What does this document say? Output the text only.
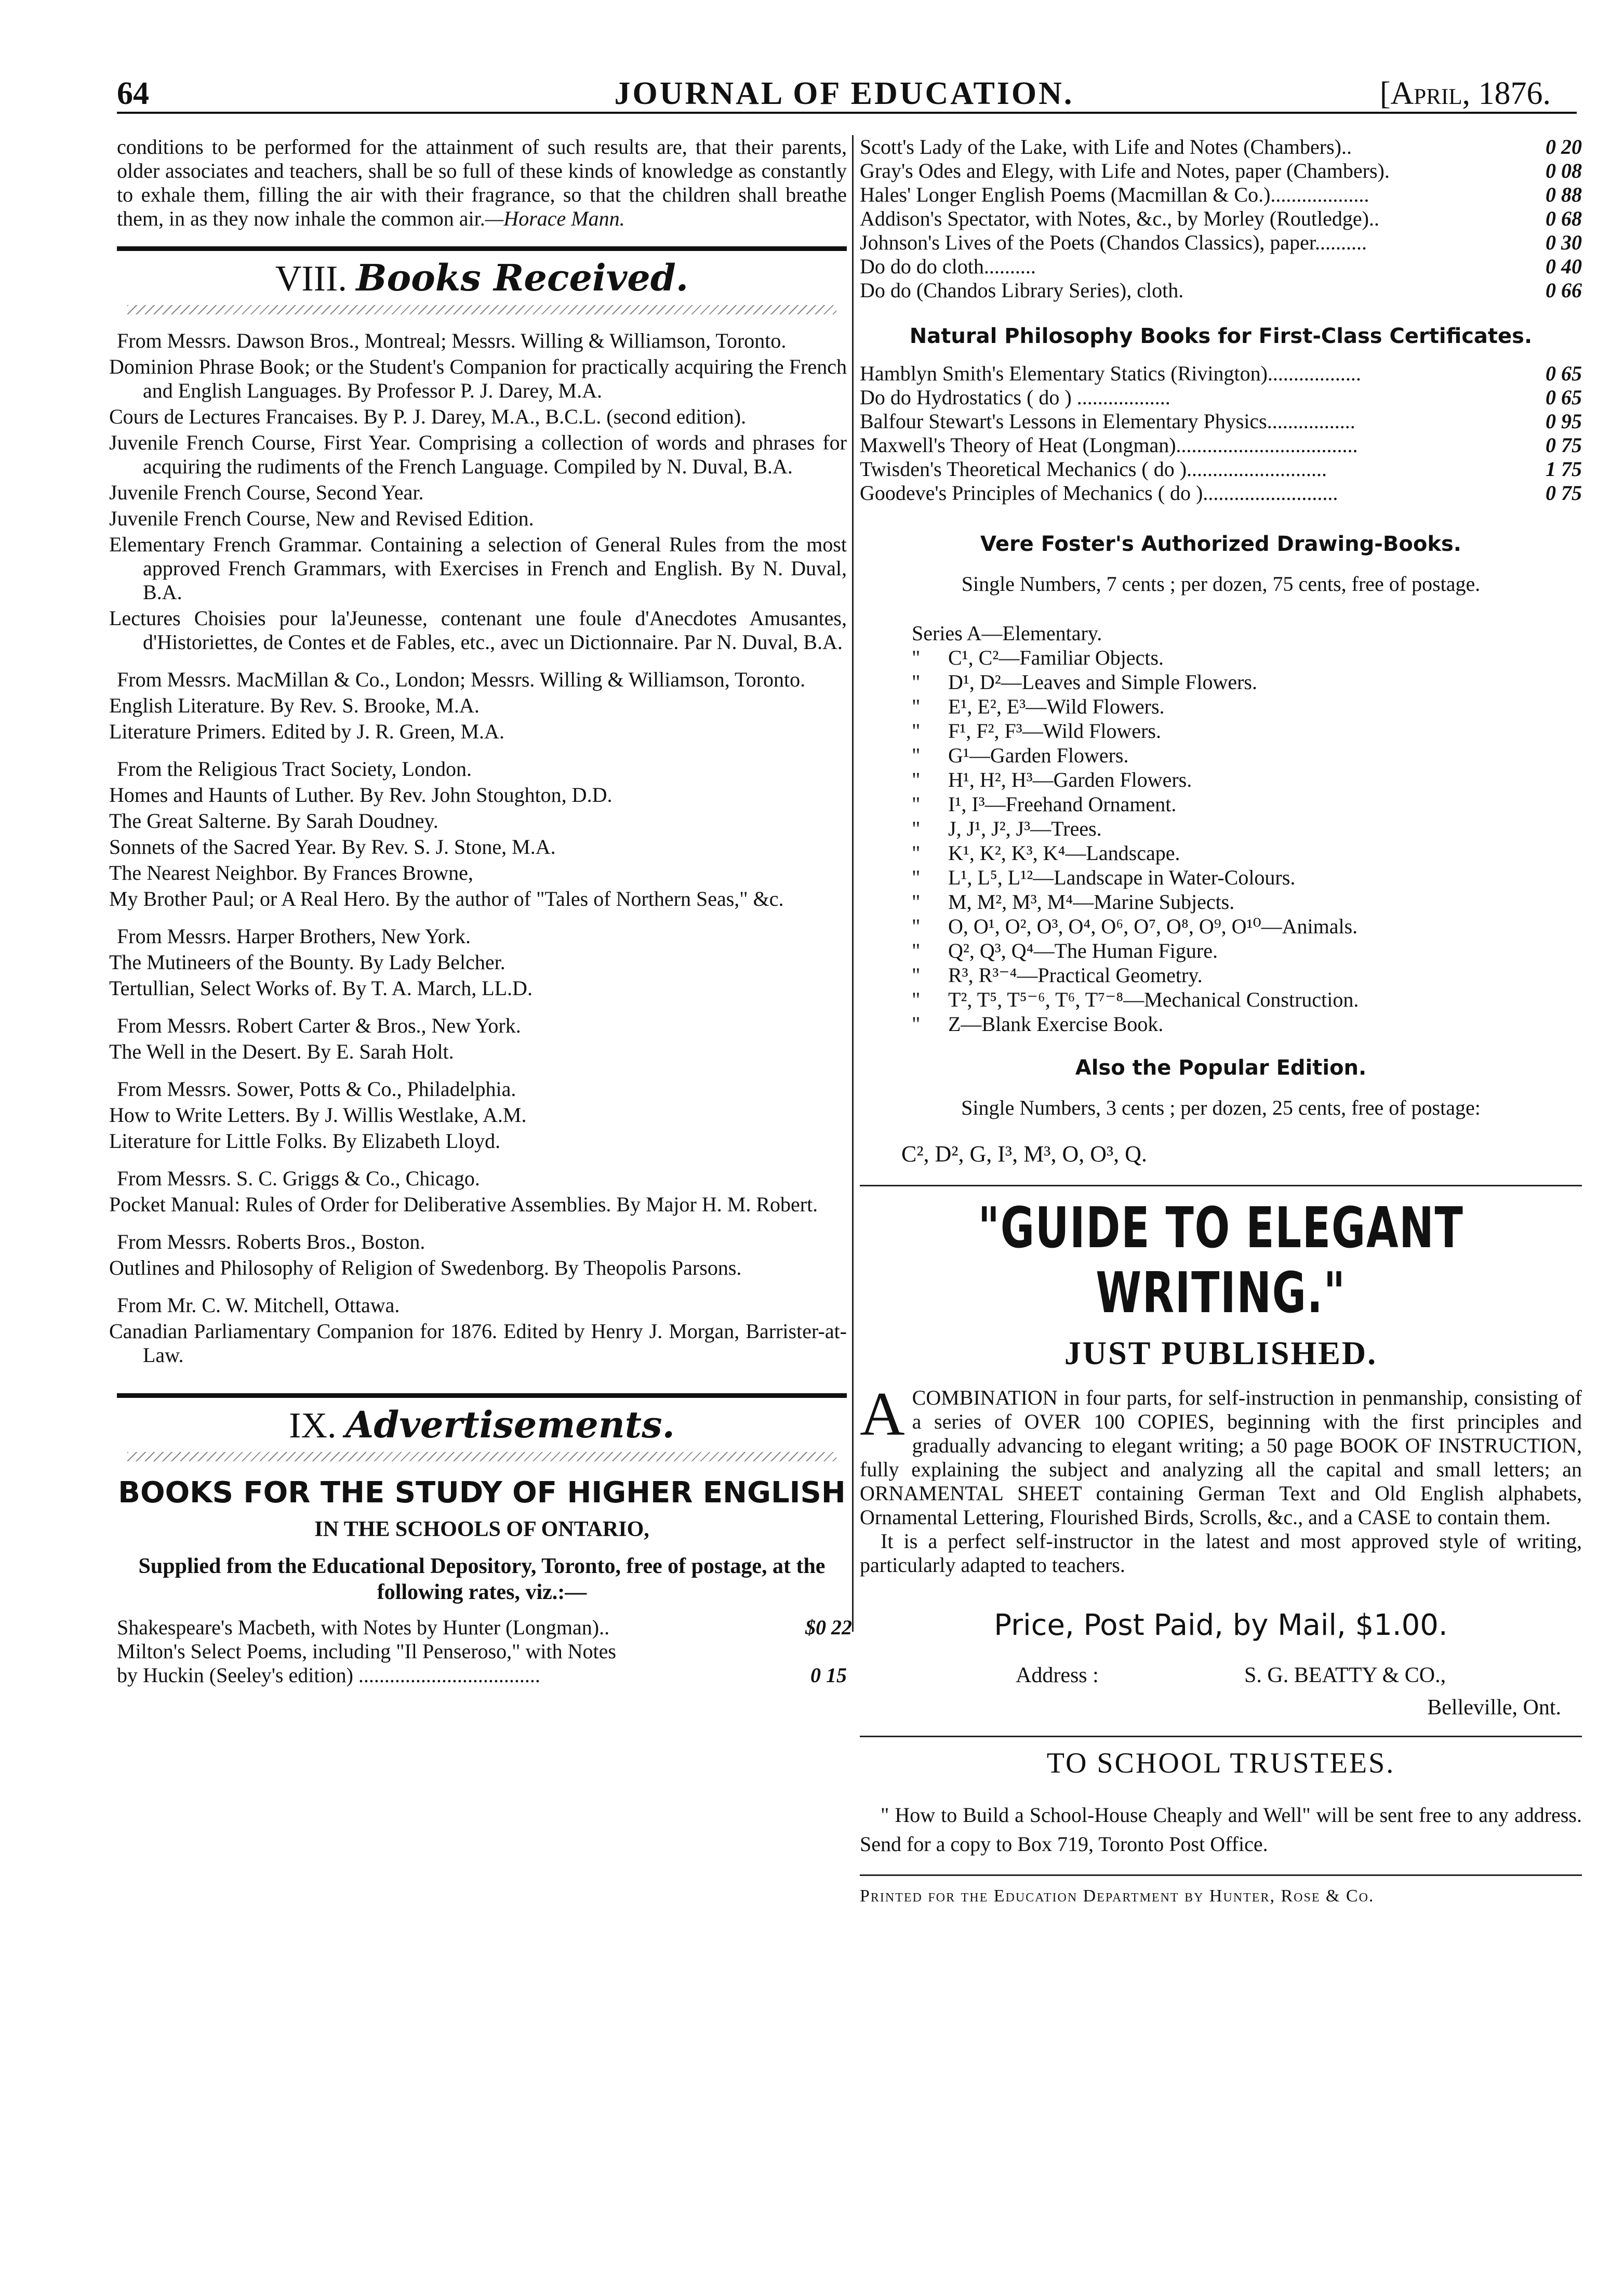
64	JOURNAL OF EDUCATION.	[April, 1876.

conditions to be performed for the attainment of such results are, that their parents, older associates and teachers, shall be so full of these kinds of knowledge as constantly to exhale them, filling the air with their fragrance, so that the children shall breathe them, in as they now inhale the common air.—Horace Mann.

VIII. Books Received.
From Messrs. Dawson Bros., Montreal; Messrs. Willing & Williamson, Toronto.
Dominion Phrase Book; or the Student's Companion for practically acquiring the French and English Languages. By Professor P. J. Darey, M.A.
Cours de Lectures Francaises. By P. J. Darey, M.A., B.C.L. (second edition).
Juvenile French Course, First Year. Comprising a collection of words and phrases for acquiring the rudiments of the French Language. Compiled by N. Duval, B.A.
Juvenile French Course, Second Year.
Juvenile French Course, New and Revised Edition.
Elementary French Grammar. Containing a selection of General Rules from the most approved French Grammars, with Exercises in French and English. By N. Duval, B.A.
Lectures Choisies pour la'Jeunesse, contenant une foule d'Anecdotes Amusantes, d'Historiettes, de Contes et de Fables, etc., avec un Dictionnaire. Par N. Duval, B.A.
From Messrs. MacMillan & Co., London; Messrs. Willing & Williamson, Toronto.
English Literature. By Rev. S. Brooke, M.A.
Literature Primers. Edited by J. R. Green, M.A.
From the Religious Tract Society, London.
Homes and Haunts of Luther. By Rev. John Stoughton, D.D.
The Great Salterne. By Sarah Doudney.
Sonnets of the Sacred Year. By Rev. S. J. Stone, M.A.
The Nearest Neighbor. By Frances Browne,
My Brother Paul; or A Real Hero. By the author of "Tales of Northern Seas," &c.
From Messrs. Harper Brothers, New York.
The Mutineers of the Bounty. By Lady Belcher.
Tertullian, Select Works of. By T. A. March, LL.D.
From Messrs. Robert Carter & Bros., New York.
The Well in the Desert. By E. Sarah Holt.
From Messrs. Sower, Potts & Co., Philadelphia.
How to Write Letters. By J. Willis Westlake, A.M.
Literature for Little Folks. By Elizabeth Lloyd.
From Messrs. S. C. Griggs & Co., Chicago.
Pocket Manual: Rules of Order for Deliberative Assemblies. By Major H. M. Robert.
From Messrs. Roberts Bros., Boston.
Outlines and Philosophy of Religion of Swedenborg. By Theopolis Parsons.
From Mr. C. W. Mitchell, Ottawa.
Canadian Parliamentary Companion for 1876. Edited by Henry J. Morgan, Barrister-at-Law.
IX. Advertisements.
BOOKS FOR THE STUDY OF HIGHER ENGLISH
IN THE SCHOOLS OF ONTARIO,
Supplied from the Educational Depository, Toronto, free of postage, at the following rates, viz.:—
Shakespeare's Macbeth, with Notes by Hunter (Longman)..	$0 22
Milton's Select Poems, including "Il Penseroso," with Notes
by Huckin (Seeley's edition) ...................................	0 15
Scott's Lady of the Lake, with Life and Notes (Chambers)..	0 20
Gray's Odes and Elegy, with Life and Notes, paper (Chambers).	0 08
Hales' Longer English Poems (Macmillan & Co.)...................	0 88
Addison's Spectator, with Notes, &c., by Morley (Routledge)..	0 68
Johnson's Lives of the Poets (Chandos Classics), paper..........	0 30
Do do do cloth..........	0 40
Do do (Chandos Library Series), cloth.	0 66
Natural Philosophy Books for First-Class Certificates.
Hamblyn Smith's Elementary Statics (Rivington)..................	0 65
Do do Hydrostatics ( do ) ..................	0 65
Balfour Stewart's Lessons in Elementary Physics.................	0 95
Maxwell's Theory of Heat (Longman)...................................	0 75
Twisden's Theoretical Mechanics ( do )...........................	1 75
Goodeve's Principles of Mechanics ( do )..........................	0 75
Vere Foster's Authorized Drawing-Books.
Single Numbers, 7 cents ; per dozen, 75 cents, free of postage.
Series A—Elementary.
" C¹, C²—Familiar Objects.
" D¹, D²—Leaves and Simple Flowers.
" E¹, E², E³—Wild Flowers.
" F¹, F², F³—Wild Flowers.
" G¹—Garden Flowers.
" H¹, H², H³—Garden Flowers.
" I¹, I³—Freehand Ornament.
" J, J¹, J², J³—Trees.
" K¹, K², K³, K⁴—Landscape.
" L¹, L⁵, L¹²—Landscape in Water-Colours.
" M, M², M³, M⁴—Marine Subjects.
" O, O¹, O², O³, O⁴, O⁶, O⁷, O⁸, O⁹, O¹⁰—Animals.
" Q², Q³, Q⁴—The Human Figure.
" R³, R³⁻⁴—Practical Geometry.
" T², T⁵, T⁵⁻⁶, T⁶, T⁷⁻⁸—Mechanical Construction.
" Z—Blank Exercise Book.
Also the Popular Edition.
Single Numbers, 3 cents ; per dozen, 25 cents, free of postage:
C², D², G, I³, M³, O, O³, Q.
"GUIDE TO ELEGANT WRITING."
JUST PUBLISHED.
A COMBINATION in four parts, for self-instruction in penmanship, consisting of a series of OVER 100 COPIES, beginning with the first principles and gradually advancing to elegant writing; a 50 page BOOK OF INSTRUCTION, fully explaining the subject and analyzing all the capital and small letters; an ORNAMENTAL SHEET containing German Text and Old English alphabets, Ornamental Lettering, Flourished Birds, Scrolls, &c., and a CASE to contain them.
It is a perfect self-instructor in the latest and most approved style of writing, particularly adapted to teachers.
Price, Post Paid, by Mail, $1.00.
Address :	S. G. BEATTY & CO.,
Belleville, Ont.
TO SCHOOL TRUSTEES.
" How to Build a School-House Cheaply and Well" will be sent free to any address. Send for a copy to Box 719, Toronto Post Office.
Printed for the Education Department by Hunter, Rose & Co.
